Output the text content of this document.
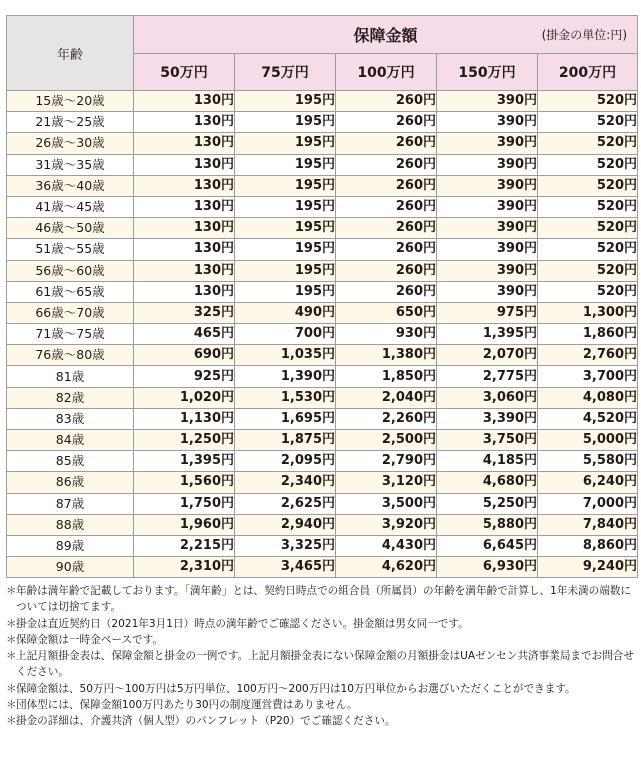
年齢	保障金額 (掛金の単位:円)				

	50万円	75万円	100万円	150万円	200万円
15歳～20歳	130円	195円	260円	390円	520円
21歳～25歳	130円	195円	260円	390円	520円
26歳～30歳	130円	195円	260円	390円	520円
31歳～35歳	130円	195円	260円	390円	520円
36歳～40歳	130円	195円	260円	390円	520円
41歳～45歳	130円	195円	260円	390円	520円
46歳～50歳	130円	195円	260円	390円	520円
51歳～55歳	130円	195円	260円	390円	520円
56歳～60歳	130円	195円	260円	390円	520円
61歳～65歳	130円	195円	260円	390円	520円
66歳～70歳	325円	490円	650円	975円	1,300円
71歳～75歳	465円	700円	930円	1,395円	1,860円
76歳～80歳	690円	1,035円	1,380円	2,070円	2,760円
81歳	925円	1,390円	1,850円	2,775円	3,700円
82歳	1,020円	1,530円	2,040円	3,060円	4,080円
83歳	1,130円	1,695円	2,260円	3,390円	4,520円
84歳	1,250円	1,875円	2,500円	3,750円	5,000円
85歳	1,395円	2,095円	2,790円	4,185円	5,580円
86歳	1,560円	2,340円	3,120円	4,680円	6,240円
87歳	1,750円	2,625円	3,500円	5,250円	7,000円
88歳	1,960円	2,940円	3,920円	5,880円	7,840円
89歳	2,215円	3,325円	4,430円	6,645円	8,860円
90歳	2,310円	3,465円	4,620円	6,930円	9,240円
＊ 年齢は満年齢で記載しております。「満年齢」とは、契約日時点での組合員（所属員）の年齢を満年齢で計算し、1年未満の端数については切捨てます。
＊ 掛金は直近契約日（2021年3月1日）時点の満年齢でご確認ください。掛金額は男女同一です。
＊ 保障金額は一時金ベースです。
＊ 上記月額掛金表は、保障金額と掛金の一例です。上記月額掛金表にない保障金額の月額掛金はUAゼンセン共済事業局までお問合せください。
＊ 保障金額は、50万円～100万円は5万円単位、100万円～200万円は10万円単位からお選びいただくことができます。
＊ 団体型には、保障金額100万円あたり30円の制度運営費はありません。
＊ 掛金の詳細は、介護共済（個人型）のパンフレット（P20）でご確認ください。
